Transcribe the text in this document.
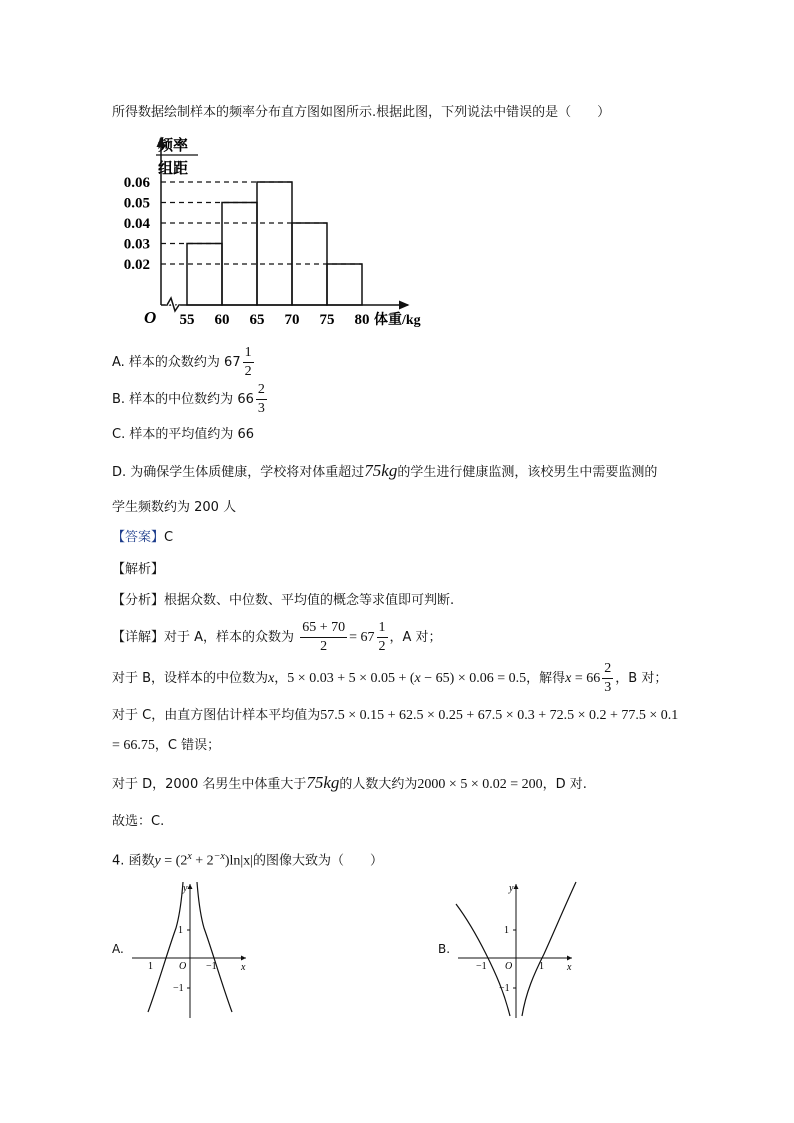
所得数据绘制样本的频率分布直方图如图所示.根据此图，下列说法中错误的是（　　）
频率
组距
O	体重/kg
0.06
0.05
0.04
0.03
0.02
55 60 65 70 75 80
A. 样本的众数约为 $67 \frac{1}{2}$
B. 样本的中位数约为 $66 \frac{2}{3}$
C. 样本的平均值约为 66
D. 为确保学生体质健康，学校将对体重超过75kg的学生进行健康监测，该校男生中需要监测的
学生频数约为 200 人
【答案】C
【解析】
【分析】根据众数、中位数、平均值的概念等求值即可判断.
【详解】对于 A，样本的众数为 $\frac{65 + 70}{2} = 67 \frac{1}{2}$ ，A 对；
对于 B，设样本的中位数为x，5 × 0.03 + 5 × 0.05 + (x − 65) × 0.06 = 0.5，解得$x = 66 \frac{2}{3}$ ，B 对；
对于 C，由直方图估计样本平均值为57.5 × 0.15 + 62.5 × 0.25 + 67.5 × 0.3 + 72.5 × 0.2 + 77.5 × 0.1
= 66.75，C 错误；
对于 D，2000 名男生中体重大于75kg的人数大约为2000 × 5 × 0.02 = 200，D 对.
故选：C.
4. 函数$y = (2^x + 2^{-x})\ln|x|$的图像大致为（　　）
A.
x
y
O
1	−1
1
−1
B.
x
y
O
−1	1
1
−1
